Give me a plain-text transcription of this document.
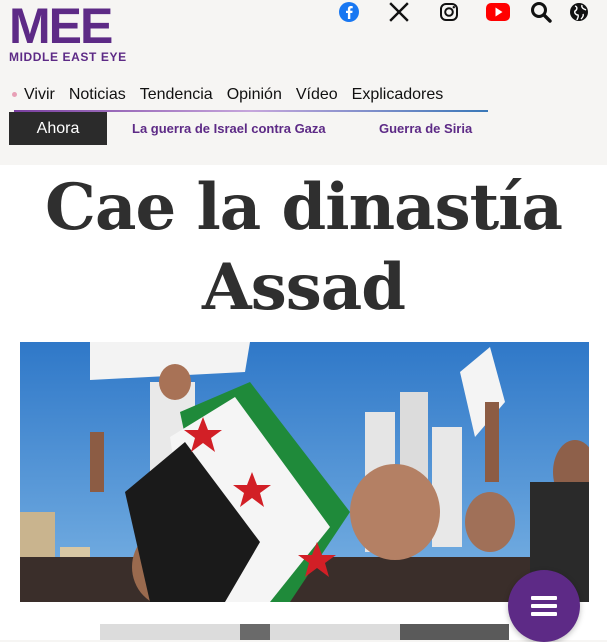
MEE
MIDDLE EAST EYE
Vivir Noticias Tendencia Opinión Vídeo Explicadores
Ahora	La guerra de Israel contra Gaza	Guerra de Siria
Cae la dinastía
Assad
